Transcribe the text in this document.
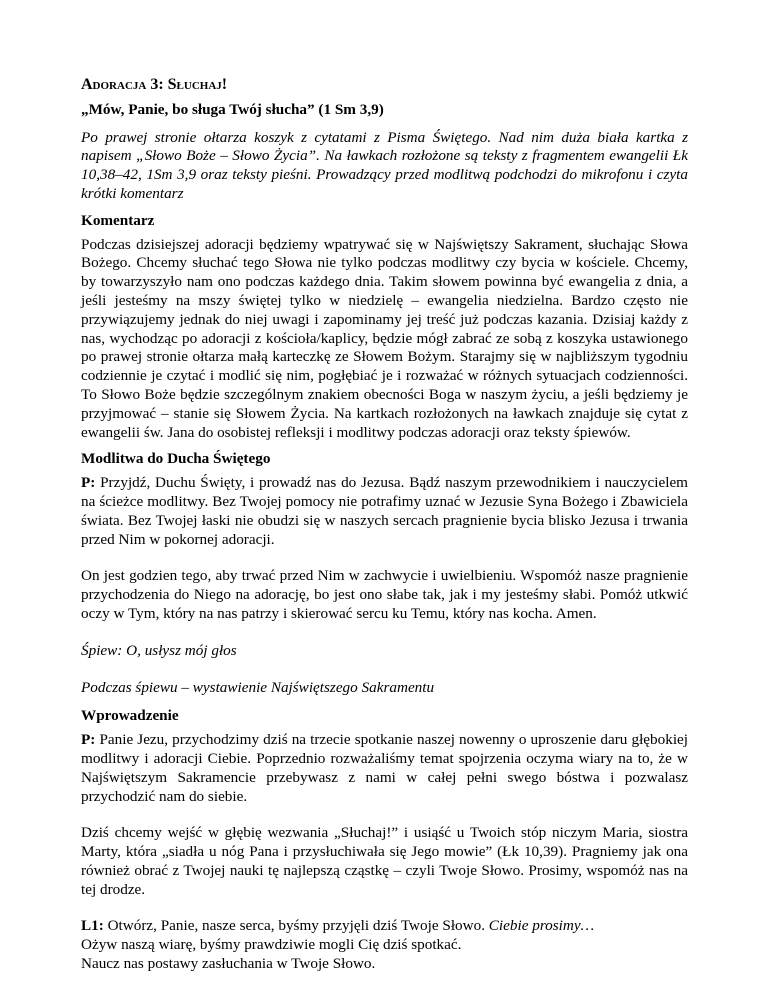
Adoracja 3: Słuchaj!

„Mów, Panie, bo sługa Twój słucha” (1 Sm 3,9)

Po prawej stronie ołtarza koszyk z cytatami z Pisma Świętego. Nad nim duża biała kartka z napisem „Słowo Boże – Słowo Życia”. Na ławkach rozłożone są teksty z fragmentem ewangelii Łk 10,38–42, 1Sm 3,9 oraz teksty pieśni. Prowadzący przed modlitwą podchodzi do mikrofonu i czyta krótki komentarz

Komentarz

Podczas dzisiejszej adoracji będziemy wpatrywać się w Najświętszy Sakrament, słuchając Słowa Bożego. Chcemy słuchać tego Słowa nie tylko podczas modlitwy czy bycia w kościele. Chcemy, by towarzyszyło nam ono podczas każdego dnia. Takim słowem powinna być ewangelia z dnia, a jeśli jesteśmy na mszy świętej tylko w niedzielę – ewangelia niedzielna. Bardzo często nie przywiązujemy jednak do niej uwagi i zapominamy jej treść już podczas kazania. Dzisiaj każdy z nas, wychodząc po adoracji z kościoła/kaplicy, będzie mógł zabrać ze sobą z koszyka ustawionego po prawej stronie ołtarza małą karteczkę ze Słowem Bożym. Starajmy się w najbliższym tygodniu codziennie je czytać i modlić się nim, pogłębiać je i rozważać w różnych sytuacjach codzienności. To Słowo Boże będzie szczególnym znakiem obecności Boga w naszym życiu, a jeśli będziemy je przyjmować – stanie się Słowem Życia. Na kartkach rozłożonych na ławkach znajduje się cytat z ewangelii św. Jana do osobistej refleksji i modlitwy podczas adoracji oraz teksty śpiewów.

Modlitwa do Ducha Świętego

P: Przyjdź, Duchu Święty, i prowadź nas do Jezusa. Bądź naszym przewodnikiem i nauczycielem na ścieżce modlitwy. Bez Twojej pomocy nie potrafimy uznać w Jezusie Syna Bożego i Zbawiciela świata. Bez Twojej łaski nie obudzi się w naszych sercach pragnienie bycia blisko Jezusa i trwania przed Nim w pokornej adoracji.

On jest godzien tego, aby trwać przed Nim w zachwycie i uwielbieniu. Wspomóż nasze pragnienie przychodzenia do Niego na adorację, bo jest ono słabe tak, jak i my jesteśmy słabi. Pomóż utkwić oczy w Tym, który na nas patrzy i skierować sercu ku Temu, który nas kocha. Amen.

Śpiew: O, usłysz mój głos

Podczas śpiewu – wystawienie Najświętszego Sakramentu

Wprowadzenie

P: Panie Jezu, przychodzimy dziś na trzecie spotkanie naszej nowenny o uproszenie daru głębokiej modlitwy i adoracji Ciebie. Poprzednio rozważaliśmy temat spojrzenia oczyma wiary na to, że w Najświętszym Sakramencie przebywasz z nami w całej pełni swego bóstwa i pozwalasz przychodzić nam do siebie.

Dziś chcemy wejść w głębię wezwania „Słuchaj!” i usiąść u Twoich stóp niczym Maria, siostra Marty, która „siadła u nóg Pana i przysłuchiwała się Jego mowie” (Łk 10,39). Pragniemy jak ona również obrać z Twojej nauki tę najlepszą cząstkę – czyli Twoje Słowo. Prosimy, wspomóż nas na tej drodze.

L1: Otwórz, Panie, nasze serca, byśmy przyjęli dziś Twoje Słowo. Ciebie prosimy…

Ożyw naszą wiarę, byśmy prawdziwie mogli Cię dziś spotkać.

Naucz nas postawy zasłuchania w Twoje Słowo.
